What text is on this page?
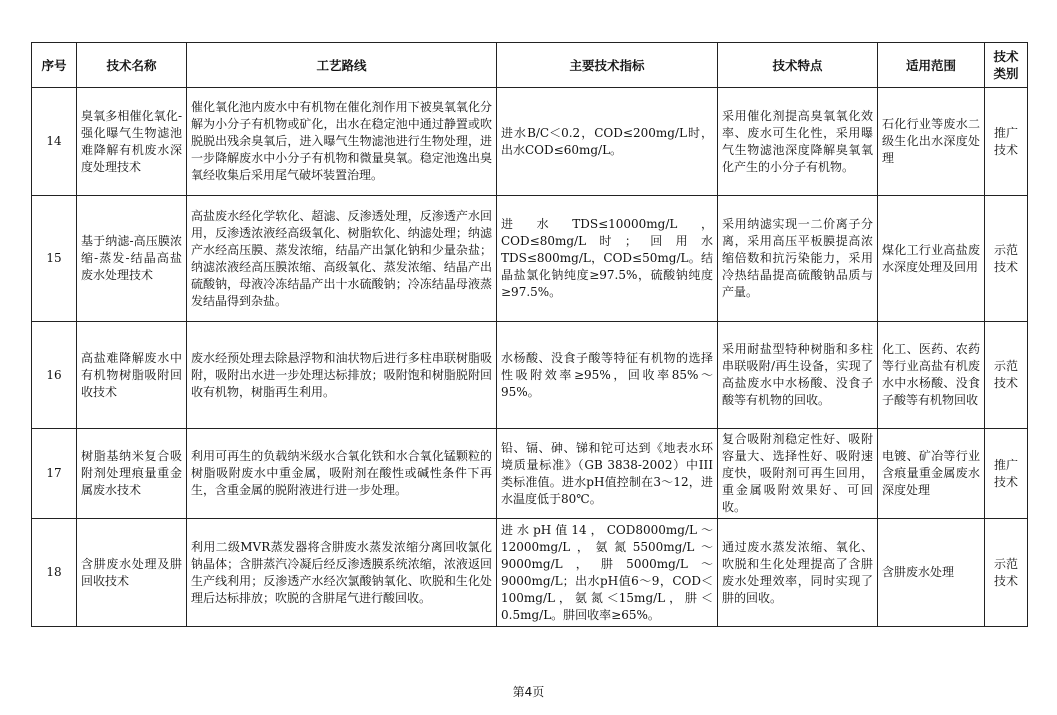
序号	技术名称	工艺路线	主要技术指标	技术特点	适用范围	技术类别
14	臭氧多相催化氧化-强化曝气生物滤池难降解有机废水深度处理技术	催化氧化池内废水中有机物在催化剂作用下被臭氧氧化分解为小分子有机物或矿化，出水在稳定池中通过静置或吹脱脱出残余臭氧后，进入曝气生物滤池进行生物处理，进一步降解废水中小分子有机物和微量臭氧。稳定池逸出臭氧经收集后采用尾气破坏装置治理。	进水B/C＜0.2，COD≤200mg/L时，出水COD≤60mg/L。	采用催化剂提高臭氧氧化效率、废水可生化性，采用曝气生物滤池深度降解臭氧氧化产生的小分子有机物。	石化行业等废水二级生化出水深度处理	推广技术
15	基于纳滤-高压膜浓缩-蒸发-结晶高盐废水处理技术	高盐废水经化学软化、超滤、反渗透处理，反渗透产水回用，反渗透浓液经高级氧化、树脂软化、纳滤处理；纳滤产水经高压膜、蒸发浓缩，结晶产出氯化钠和少量杂盐；纳滤浓液经高压膜浓缩、高级氧化、蒸发浓缩、结晶产出硫酸钠，母液冷冻结晶产出十水硫酸钠；冷冻结晶母液蒸发结晶得到杂盐。	进水TDS≤10000mg/L，COD≤80mg/L时；回用水TDS≤800mg/L，COD≤50mg/L。结晶盐氯化钠纯度≥97.5%，硫酸钠纯度≥97.5%。	采用纳滤实现一二价离子分离，采用高压平板膜提高浓缩倍数和抗污染能力，采用冷热结晶提高硫酸钠品质与产量。	煤化工行业高盐废水深度处理及回用	示范技术
16	高盐难降解废水中有机物树脂吸附回收技术	废水经预处理去除悬浮物和油状物后进行多柱串联树脂吸附，吸附出水进一步处理达标排放；吸附饱和树脂脱附回收有机物，树脂再生利用。	水杨酸、没食子酸等特征有机物的选择性吸附效率≥95%，回收率85%～95%。	采用耐盐型特种树脂和多柱串联吸附/再生设备，实现了高盐废水中水杨酸、没食子酸等有机物的回收。	化工、医药、农药等行业高盐有机废水中水杨酸、没食子酸等有机物回收	示范技术
17	树脂基纳米复合吸附剂处理痕量重金属废水技术	利用可再生的负载纳米级水合氧化铁和水合氧化锰颗粒的树脂吸附废水中重金属，吸附剂在酸性或碱性条件下再生，含重金属的脱附液进行进一步处理。	铅、镉、砷、锑和铊可达到《地表水环境质量标准》（GB 3838-2002）中III类标准值。进水pH值控制在3～12，进水温度低于80℃。	复合吸附剂稳定性好、吸附容量大、选择性好、吸附速度快，吸附剂可再生回用，重金属吸附效果好、可回收。	电镀、矿冶等行业含痕量重金属废水深度处理	推广技术
18	含肼废水处理及肼回收技术	利用二级MVR蒸发器将含肼废水蒸发浓缩分离回收氯化钠晶体；含肼蒸汽冷凝后经反渗透膜系统浓缩，浓液返回生产线利用；反渗透产水经次氯酸钠氧化、吹脱和生化处理后达标排放；吹脱的含肼尾气进行酸回收。	进水pH值14，COD8000mg/L～12000mg/L，氨氮5500mg/L～9000mg/L，肼5000mg/L～9000mg/L；出水pH值6～9，COD＜100mg/L，氨氮＜15mg/L，肼＜0.5mg/L。肼回收率≥65%。	通过废水蒸发浓缩、氧化、吹脱和生化处理提高了含肼废水处理效率，同时实现了肼的回收。	含肼废水处理	示范技术
第4页
